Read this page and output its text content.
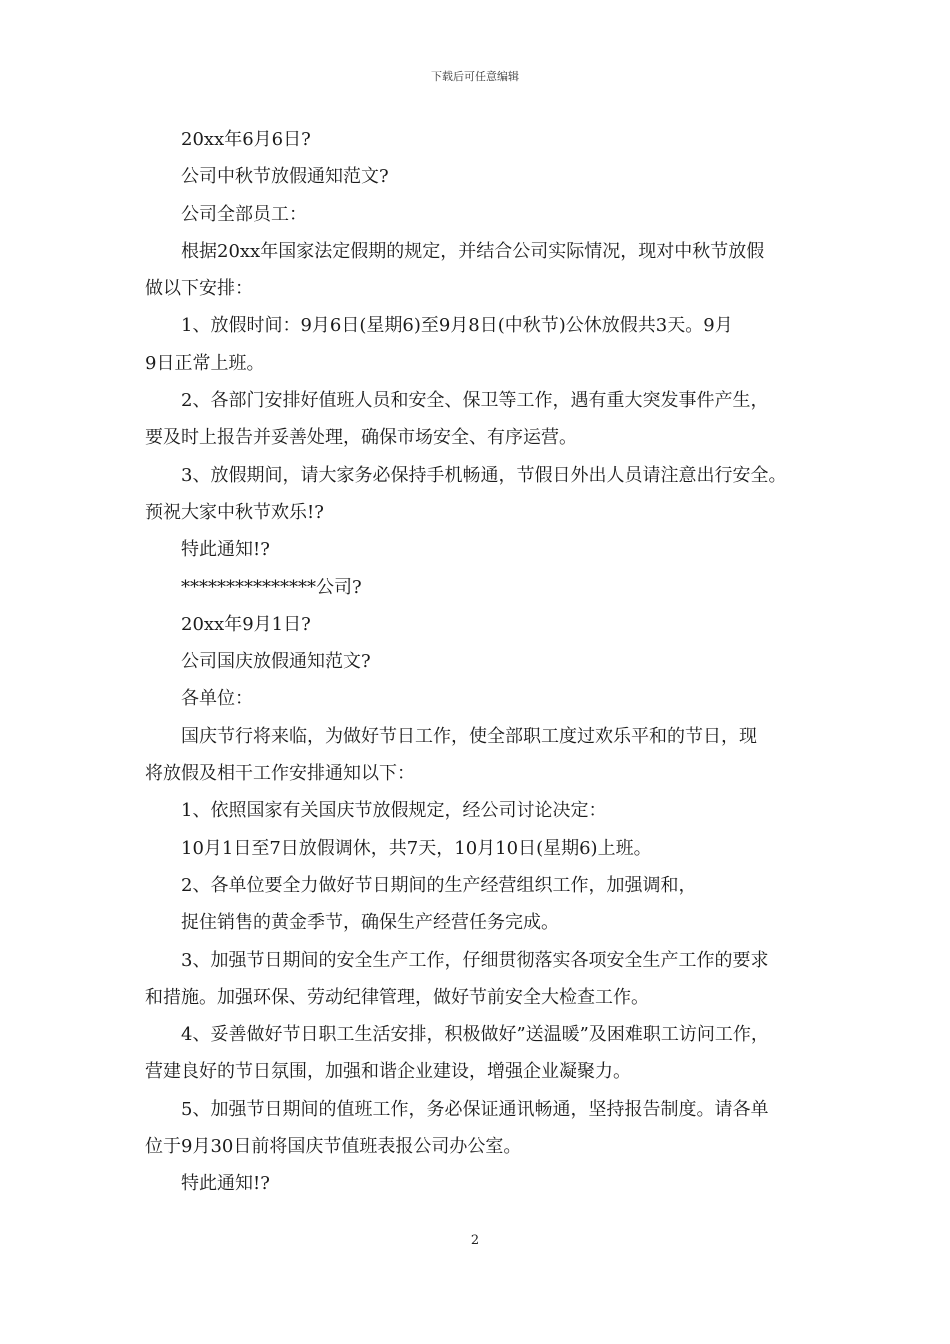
下载后可任意编辑
20xx年6月6日?
公司中秋节放假通知范文?
公司全部员工：
根据20xx年国家法定假期的规定，并结合公司实际情况，现对中秋节放假
做以下安排：
1、放假时间：9月6日(星期6)至9月8日(中秋节)公休放假共3天。9月
9日正常上班。
2、各部门安排好值班人员和安全、保卫等工作，遇有重大突发事件产生，
要及时上报告并妥善处理，确保市场安全、有序运营。
3、放假期间，请大家务必保持手机畅通，节假日外出人员请注意出行安全。
预祝大家中秋节欢乐!?
特此通知!?
***************公司?
20xx年9月1日?
公司国庆放假通知范文?
各单位：
国庆节行将来临，为做好节日工作，使全部职工度过欢乐平和的节日，现
将放假及相干工作安排通知以下：
1、依照国家有关国庆节放假规定，经公司讨论决定：
10月1日至7日放假调休，共7天，10月10日(星期6)上班。
2、各单位要全力做好节日期间的生产经营组织工作，加强调和，
捉住销售的黄金季节，确保生产经营任务完成。
3、加强节日期间的安全生产工作，仔细贯彻落实各项安全生产工作的要求
和措施。加强环保、劳动纪律管理，做好节前安全大检查工作。
4、妥善做好节日职工生活安排，积极做好”送温暖”及困难职工访问工作，
营建良好的节日氛围，加强和谐企业建设，增强企业凝聚力。
5、加强节日期间的值班工作，务必保证通讯畅通，坚持报告制度。请各单
位于9月30日前将国庆节值班表报公司办公室。
特此通知!?
2
